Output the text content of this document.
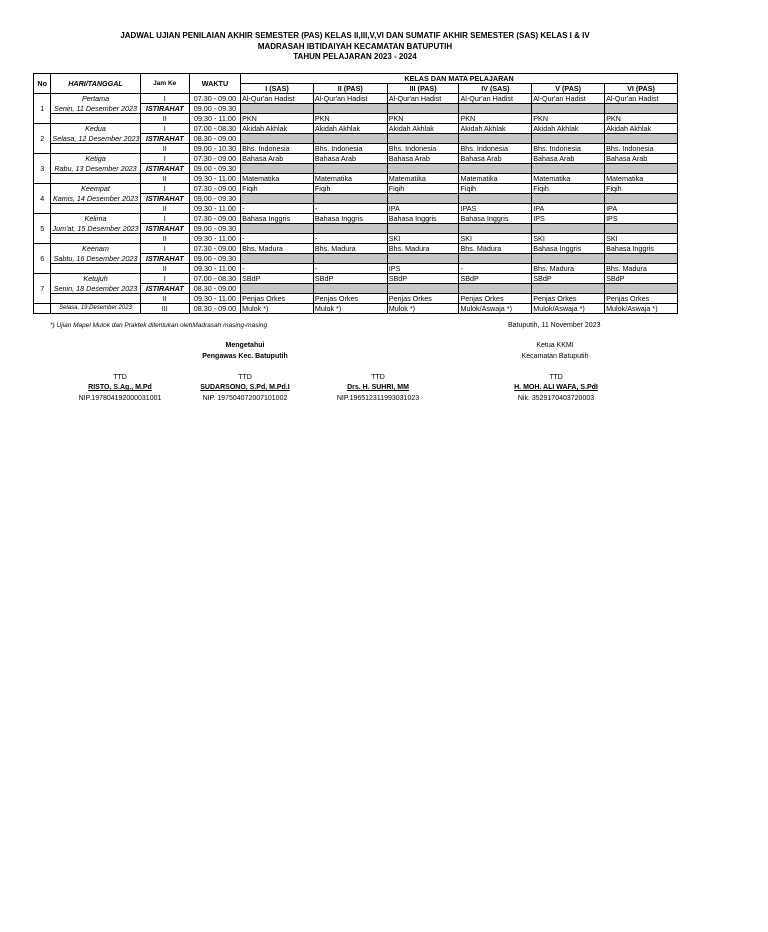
JADWAL UJIAN PENILAIAN AKHIR SEMESTER (PAS) KELAS II,III,V,VI DAN SUMATIF AKHIR SEMESTER (SAS) KELAS I & IV
MADRASAH IBTIDAIYAH KECAMATAN BATUPUTIH
TAHUN PELAJARAN 2023 - 2024
No	HARI/TANGGAL	Jam Ke	WAKTU	KELAS DAN MATA PELAJARAN					
				I (SAS)	II (PAS)	III (PAS)	IV (SAS)	V (PAS)	VI (PAS)
1	Pertama	I	07.30 - 09.00	Al-Qur'an Hadist	Al-Qur'an Hadist	Al-Qur'an Hadist	Al-Qur'an Hadist	Al-Qur'an Hadist	Al-Qur'an Hadist
	Senin, 11 Desember 2023	ISTIRAHAT	09.00 - 09.30						
		II	09.30 - 11.00	PKN	PKN	PKN	PKN	PKN	PKN
2	Kedua	I	07.00 - 08.30	Akidah Akhlak	Akidah Akhlak	Akidah Akhlak	Akidah Akhlak	Akidah Akhlak	Akidah Akhlak
	Selasa, 12 Desember 2023	ISTIRAHAT	08.30 - 09.00						
		II	09.00 - 10.30	Bhs. Indonesia	Bhs. Indonesia	Bhs. Indonesia	Bhs. Indonesia	Bhs. Indonesia	Bhs. Indonesia
3	Ketiga	I	07.30 - 09.00	Bahasa Arab	Bahasa Arab	Bahasa Arab	Bahasa Arab	Bahasa Arab	Bahasa Arab
	Rabu, 13 Desember 2023	ISTIRAHAT	09.00 - 09.30						
		II	09.30 - 11.00	Matematika	Matematika	Matematika	Matematika	Matematika	Matematika
4	Keempat	I	07.30 - 09.00	Fiqih	Fiqih	Fiqih	Fiqih	Fiqih	Fiqih
	Kamis, 14 Desember 2023	ISTIRAHAT	09.00 - 09.30						
		II	09.30 - 11.00	-	-	IPA	IPAS	IPA	IPA
5	Kelima	I	07.30 - 09.00	Bahasa Inggris	Bahasa Inggris	Bahasa Inggris	Bahasa Inggris	IPS	IPS
	Jum'at, 15 Desember 2023	ISTIRAHAT	09.00 - 09.30						
		II	09.30 - 11.00	-	-	SKI	SKI	SKI	SKI
6	Keenam	I	07.30 - 09.00	Bhs. Madura	Bhs. Madura	Bhs. Madura	Bhs. Madura	Bahasa Inggris	Bahasa Inggris
	Sabtu, 16 Desember 2023	ISTIRAHAT	09.00 - 09.30						
		II	09.30 - 11.00	-	-	IPS	-	Bhs. Madura	Bhs. Madura
7	Ketujuh	I	07.00 - 08.30	SBdP	SBdP	SBdP	SBdP	SBdP	SBdP
	Senin, 18 Desember 2023	ISTIRAHAT	08.30 - 09.00						
		II	09.30 - 11.00	Penjas Orkes	Penjas Orkes	Penjas Orkes	Penjas Orkes	Penjas Orkes	Penjas Orkes
	Selasa, 19 Desember 2023	III	08.30 - 09.00	Mulok *)	Mulok *)	Mulok *)	Mulok/Aswaja *)	Mulok/Aswaja *)	Mulok/Aswaja *)
*) Ujian Mapel Mulok dan Praktek ditentukan olehMadrasah masing-masing	Batuputih, 11 November 2023
Mengetahui
Pengawas Kec. Batuputih
Ketua KKMI
Kecamatan Batuputih
TTD
RISTO, S.Ag., M.Pd
NIP.197804192000031001
TTD
SUDARSONO, S.Pd, M.Pd.I
NIP. 197504072007101002
TTD
Drs. H. SUHRI, MM
NIP.196512311993031023
TTD
H. MOH. ALI WAFA, S.PdI
Nik. 3529170403720003
